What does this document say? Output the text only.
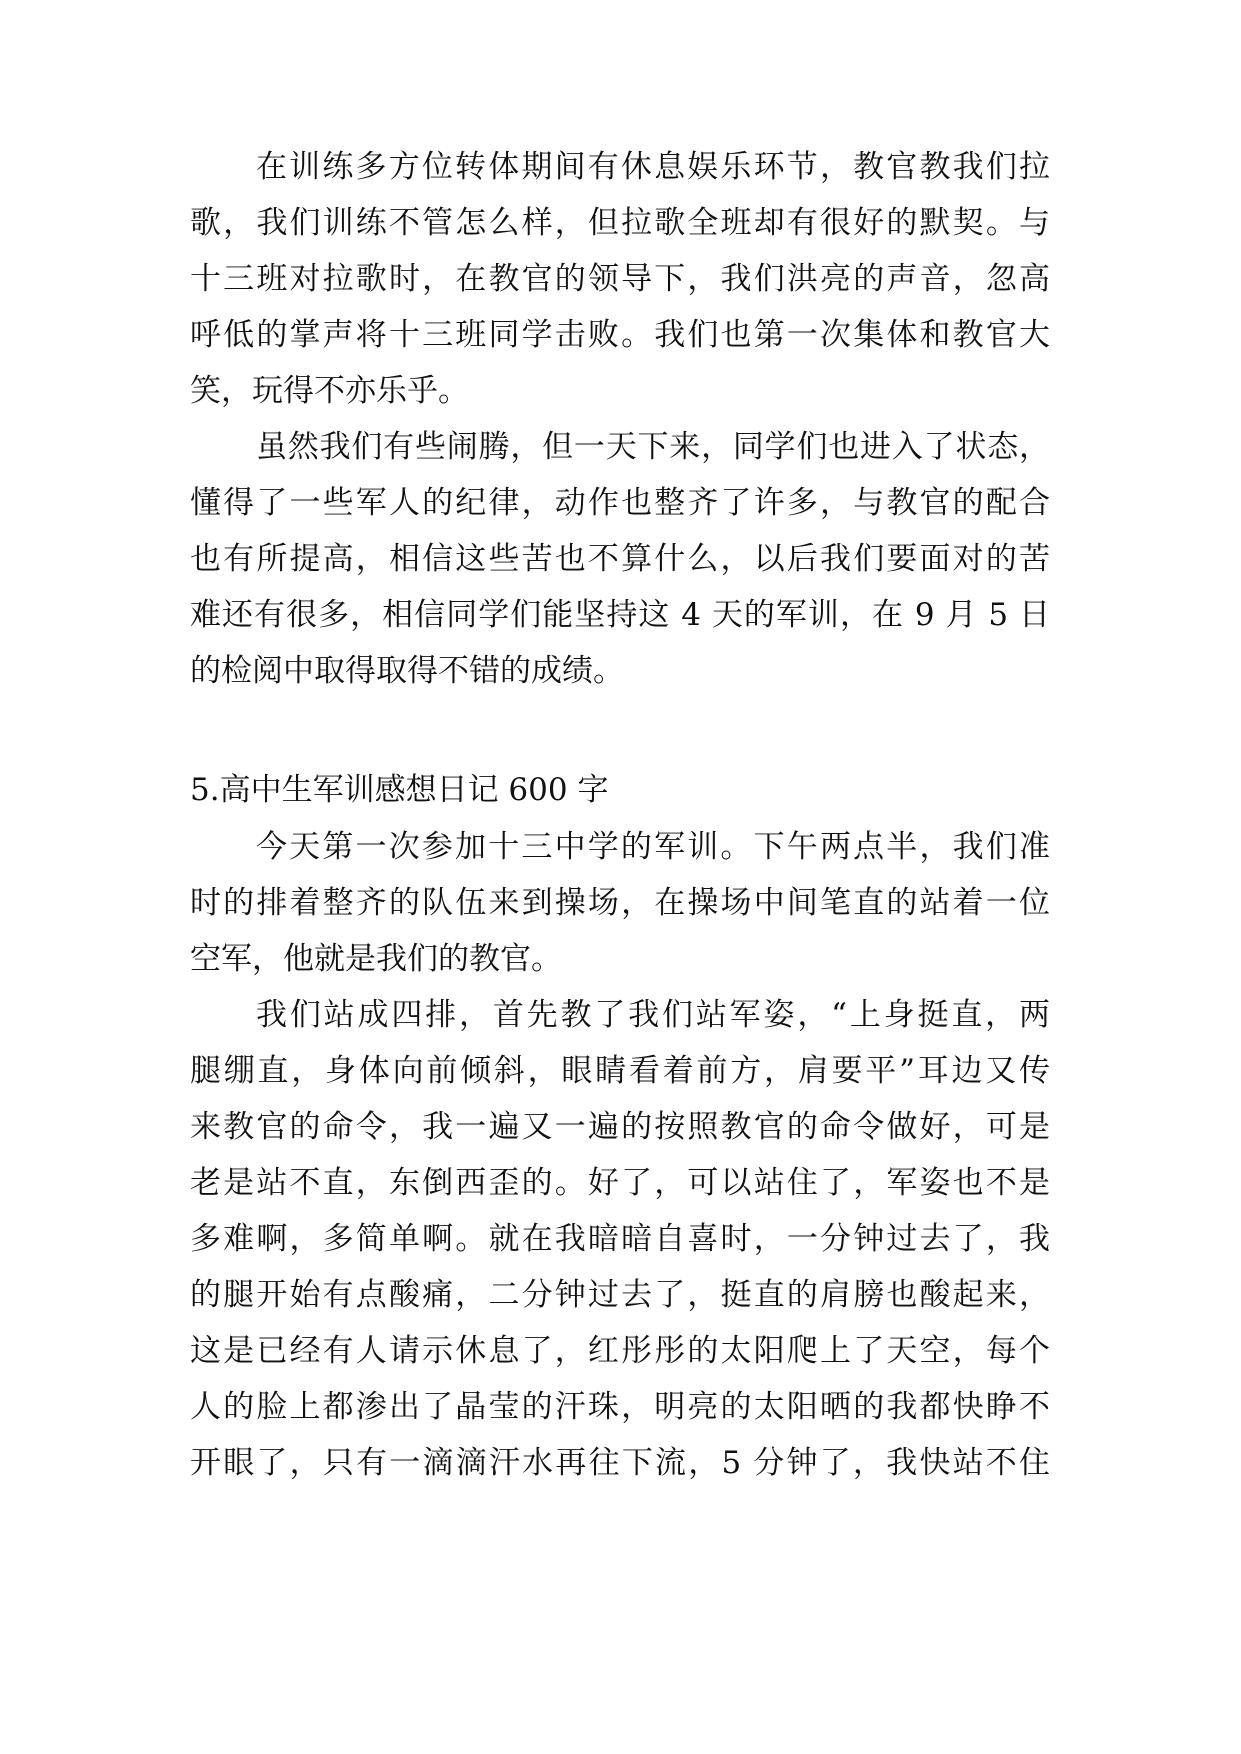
在训练多方位转体期间有休息娱乐环节，教官教我们拉
歌，我们训练不管怎么样，但拉歌全班却有很好的默契。与
十三班对拉歌时，在教官的领导下，我们洪亮的声音，忽高
呼低的掌声将十三班同学击败。我们也第一次集体和教官大
笑，玩得不亦乐乎。
虽然我们有些闹腾，但一天下来，同学们也进入了状态，
懂得了一些军人的纪律，动作也整齐了许多，与教官的配合
也有所提高，相信这些苦也不算什么，以后我们要面对的苦
难还有很多，相信同学们能坚持这 4 天的军训，在 9 月 5 日
的检阅中取得取得不错的成绩。
5.高中生军训感想日记 600 字
今天第一次参加十三中学的军训。下午两点半，我们准
时的排着整齐的队伍来到操场，在操场中间笔直的站着一位
空军，他就是我们的教官。
我们站成四排，首先教了我们站军姿，“上身挺直，两
腿绷直，身体向前倾斜，眼睛看着前方，肩要平”耳边又传
来教官的命令，我一遍又一遍的按照教官的命令做好，可是
老是站不直，东倒西歪的。好了，可以站住了，军姿也不是
多难啊，多简单啊。就在我暗暗自喜时，一分钟过去了，我
的腿开始有点酸痛，二分钟过去了，挺直的肩膀也酸起来，
这是已经有人请示休息了，红彤彤的太阳爬上了天空，每个
人的脸上都渗出了晶莹的汗珠，明亮的太阳晒的我都快睁不
开眼了，只有一滴滴汗水再往下流，5 分钟了，我快站不住
